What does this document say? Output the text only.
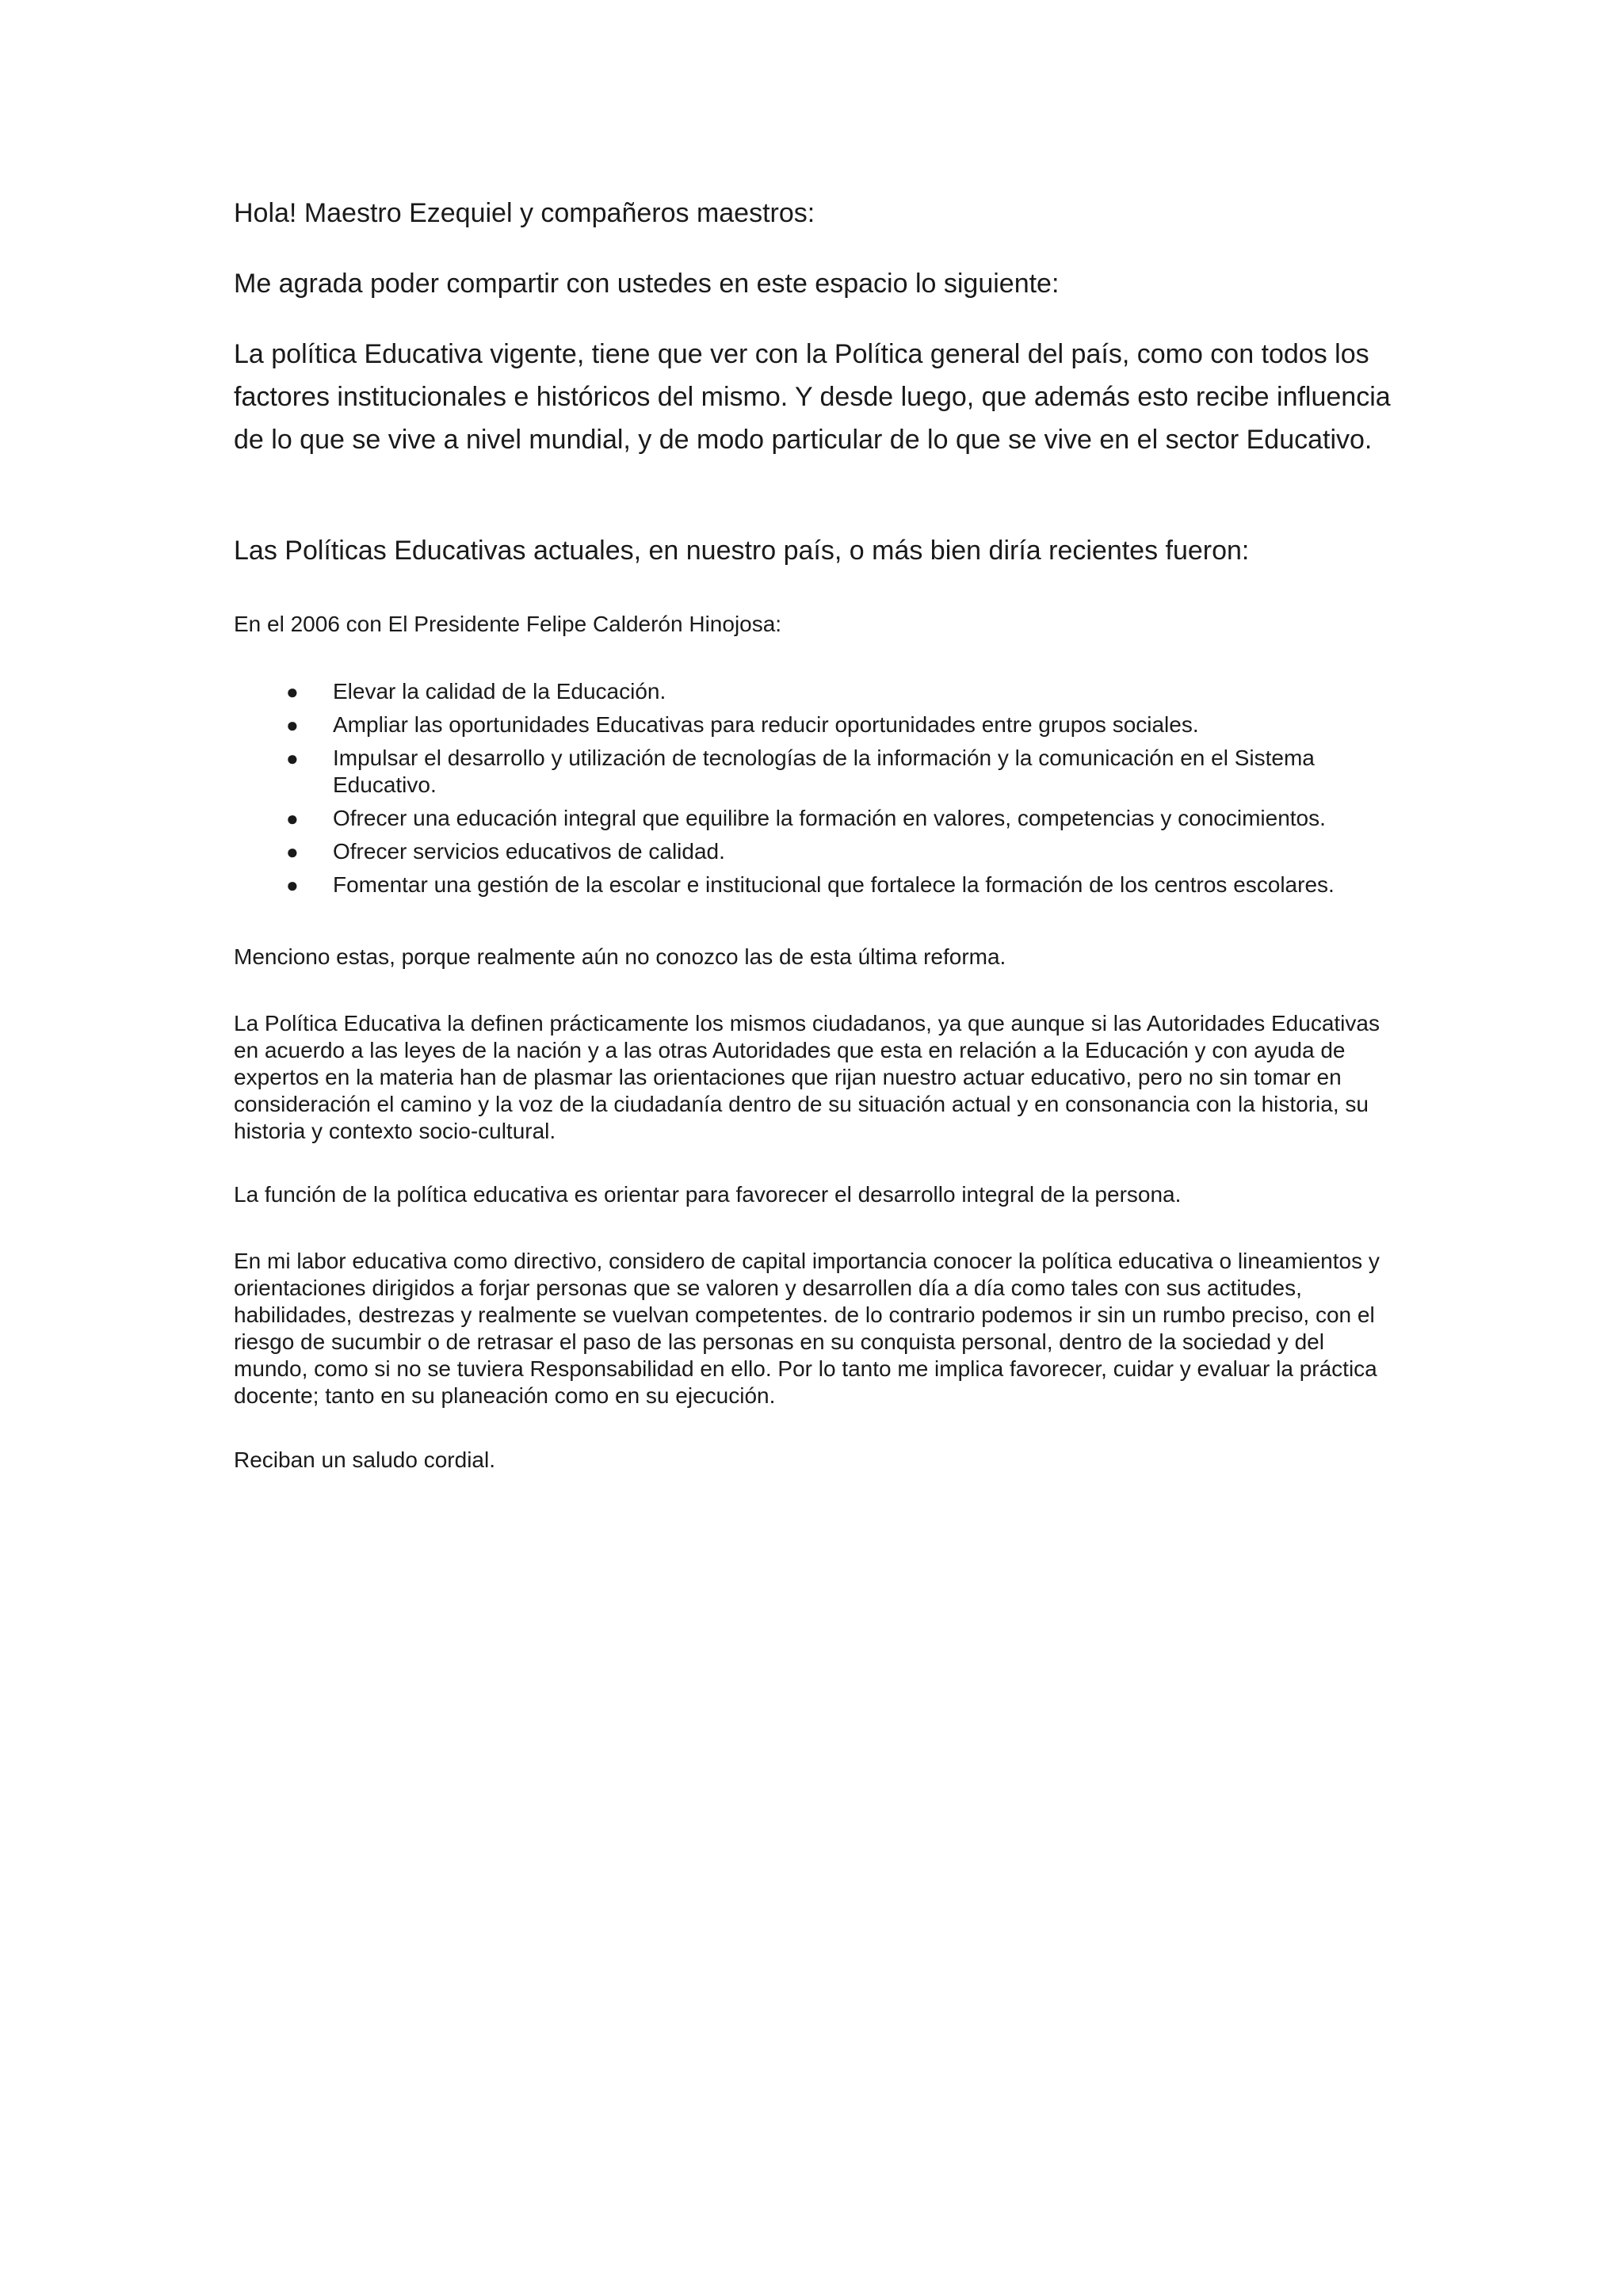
Hola! Maestro Ezequiel y compañeros maestros:

Me agrada poder compartir con ustedes en este espacio lo siguiente:

La política Educativa vigente, tiene que ver con la Política general del país, como con todos los factores institucionales e históricos del mismo. Y desde luego, que además esto recibe influencia de lo que se vive a nivel mundial, y de modo particular de lo que se vive en el sector Educativo.

Las Políticas Educativas actuales, en nuestro país, o más bien diría recientes fueron:

En el 2006 con El Presidente Felipe Calderón Hinojosa:

● Elevar la calidad de la Educación.
● Ampliar las oportunidades Educativas para reducir oportunidades entre grupos sociales.
● Impulsar el desarrollo y utilización de tecnologías de la información y la comunicación en el Sistema Educativo.
● Ofrecer una educación integral que equilibre la formación en valores, competencias y conocimientos.
● Ofrecer servicios educativos de calidad.
● Fomentar una gestión de la escolar e institucional que fortalece la formación de los centros escolares.

Menciono estas, porque realmente aún no conozco las de esta última reforma.

La Política Educativa la definen prácticamente los mismos ciudadanos, ya que aunque si las Autoridades Educativas en acuerdo a las leyes de la nación y a las otras Autoridades que esta en relación a la Educación y con ayuda de expertos en la materia han de plasmar las orientaciones que rijan nuestro actuar educativo, pero no sin tomar en consideración el camino y la voz de la ciudadanía dentro de su situación actual y en consonancia con la historia, su historia y contexto socio-cultural.

La función de la política educativa es orientar para favorecer el desarrollo integral de la persona.

En mi labor educativa como directivo, considero de capital importancia conocer la política educativa o lineamientos y orientaciones dirigidos a forjar personas que se valoren y desarrollen día a día como tales con sus actitudes, habilidades, destrezas y realmente se vuelvan competentes. de lo contrario podemos ir sin un rumbo preciso, con el riesgo de sucumbir o de retrasar el paso de las personas en su conquista personal, dentro de la sociedad y del mundo, como si no se tuviera Responsabilidad en ello. Por lo tanto me implica favorecer, cuidar y evaluar la práctica docente; tanto en su planeación como en su ejecución.

Reciban un saludo cordial.
